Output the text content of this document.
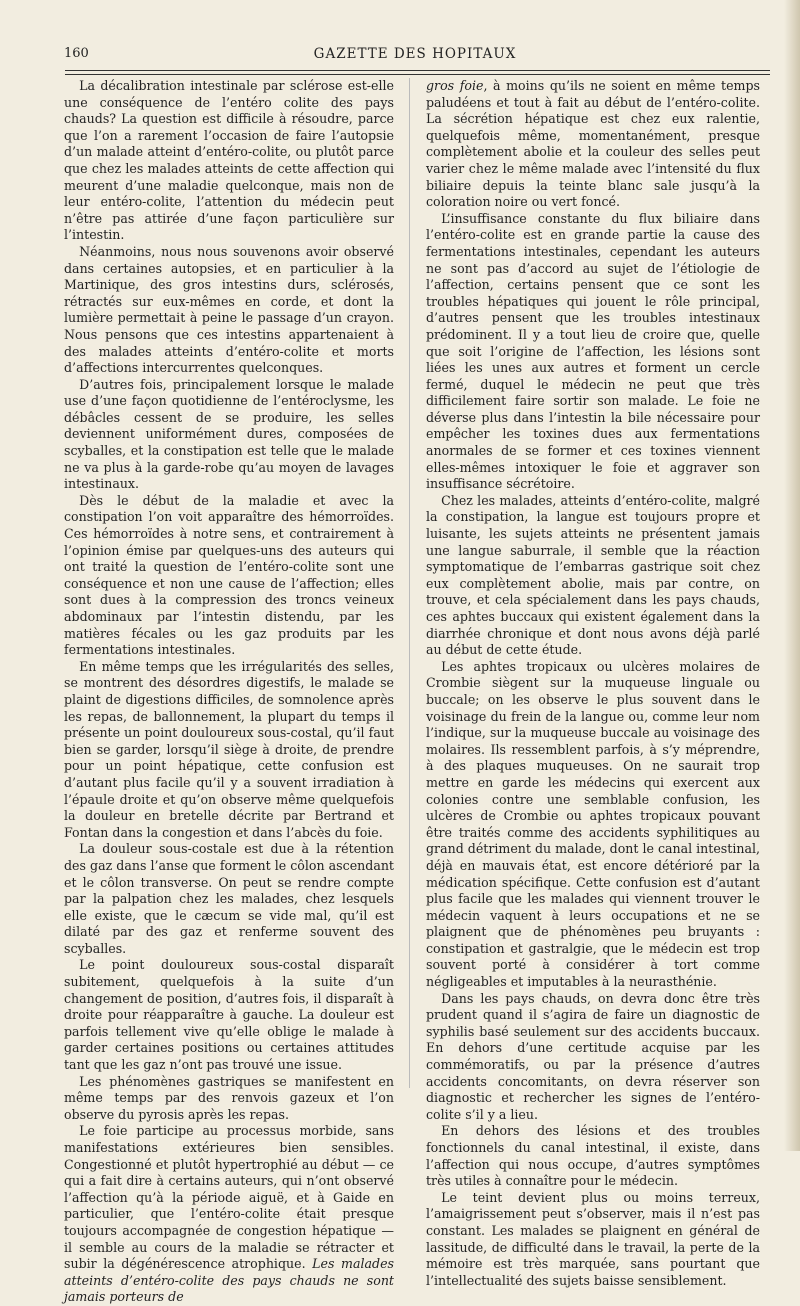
160	GAZETTE DES HOPITAUX

La décalibration intestinale par sclérose est-elle une conséquence de l’entéro colite des pays chauds? La question est difficile à résoudre, parce que l’on a rarement l’occasion de faire l’autopsie d’un malade atteint d’entéro-colite, ou plutôt parce que chez les malades atteints de cette affection qui meurent d’une maladie quelconque, mais non de leur entéro-colite, l’attention du médecin peut n’être pas attirée d’une façon particulière sur l’intestin.

Néanmoins, nous nous souvenons avoir observé dans certaines autopsies, et en particulier à la Martinique, des gros intestins durs, sclérosés, rétractés sur eux-mêmes en corde, et dont la lumière permettait à peine le passage d’un crayon. Nous pensons que ces intestins appartenaient à des malades atteints d’entéro-colite et morts d’affections intercurrentes quelconques.

D’autres fois, principalement lorsque le malade use d’une façon quotidienne de l’entéroclysme, les débâcles cessent de se produire, les selles deviennent uniformément dures, composées de scyballes, et la constipation est telle que le malade ne va plus à la garde-robe qu’au moyen de lavages intestinaux.

Dès le début de la maladie et avec la constipation l’on voit apparaître des hémorroïdes. Ces hémorroïdes à notre sens, et contrairement à l’opinion émise par quelques-uns des auteurs qui ont traité la question de l’entéro-colite sont une conséquence et non une cause de l’affection; elles sont dues à la compression des troncs veineux abdominaux par l’intestin distendu, par les matières fécales ou les gaz produits par les fermentations intestinales.

En même temps que les irrégularités des selles, se montrent des désordres digestifs, le malade se plaint de digestions difficiles, de somnolence après les repas, de ballonnement, la plupart du temps il présente un point douloureux sous-costal, qu’il faut bien se garder, lorsqu’il siège à droite, de prendre pour un point hépatique, cette confusion est d’autant plus facile qu’il y a souvent irradiation à l’épaule droite et qu’on observe même quelquefois la douleur en bretelle décrite par Bertrand et Fontan dans la congestion et dans l’abcès du foie.

La douleur sous-costale est due à la rétention des gaz dans l’anse que forment le côlon ascendant et le côlon transverse. On peut se rendre compte par la palpation chez les malades, chez lesquels elle existe, que le cæcum se vide mal, qu’il est dilaté par des gaz et renferme souvent des scyballes.

Le point douloureux sous-costal disparaît subitement, quelquefois à la suite d’un changement de position, d’autres fois, il disparaît à droite pour réapparaître à gauche. La douleur est parfois tellement vive qu’elle oblige le malade à garder certaines positions ou certaines attitudes tant que les gaz n’ont pas trouvé une issue.

Les phénomènes gastriques se manifestent en même temps par des renvois gazeux et l’on observe du pyrosis après les repas.

Le foie participe au processus morbide, sans manifestations extérieures bien sensibles. Congestionné et plutôt hypertrophié au début — ce qui a fait dire à certains auteurs, qui n’ont observé l’affection qu’à la période aiguë, et à Gaide en particulier, que l’entéro-colite était presque toujours accompagnée de congestion hépatique — il semble au cours de la maladie se rétracter et subir la dégénérescence atrophique. Les malades atteints d’entéro-colite des pays chauds ne sont jamais porteurs de

gros foie, à moins qu’ils ne soient en même temps paludéens et tout à fait au début de l’entéro-colite. La sécrétion hépatique est chez eux ralentie, quelquefois même, momentanément, presque complètement abolie et la couleur des selles peut varier chez le même malade avec l’intensité du flux biliaire depuis la teinte blanc sale jusqu’à la coloration noire ou vert foncé.

L’insuffisance constante du flux biliaire dans l’entéro-colite est en grande partie la cause des fermentations intestinales, cependant les auteurs ne sont pas d’accord au sujet de l’étiologie de l’affection, certains pensent que ce sont les troubles hépatiques qui jouent le rôle principal, d’autres pensent que les troubles intestinaux prédominent. Il y a tout lieu de croire que, quelle que soit l’origine de l’affection, les lésions sont liées les unes aux autres et forment un cercle fermé, duquel le médecin ne peut que très difficilement faire sortir son malade. Le foie ne déverse plus dans l’intestin la bile nécessaire pour empêcher les toxines dues aux fermentations anormales de se former et ces toxines viennent elles-mêmes intoxiquer le foie et aggraver son insuffisance sécrétoire.

Chez les malades, atteints d’entéro-colite, malgré la constipation, la langue est toujours propre et luisante, les sujets atteints ne présentent jamais une langue saburrale, il semble que la réaction symptomatique de l’embarras gastrique soit chez eux complètement abolie, mais par contre, on trouve, et cela spécialement dans les pays chauds, ces aphtes buccaux qui existent également dans la diarrhée chronique et dont nous avons déjà parlé au début de cette étude.

Les aphtes tropicaux ou ulcères molaires de Crombie siègent sur la muqueuse linguale ou buccale; on les observe le plus souvent dans le voisinage du frein de la langue ou, comme leur nom l’indique, sur la muqueuse buccale au voisinage des molaires. Ils ressemblent parfois, à s’y méprendre, à des plaques muqueuses. On ne saurait trop mettre en garde les médecins qui exercent aux colonies contre une semblable confusion, les ulcères de Crombie ou aphtes tropicaux pouvant être traités comme des accidents syphilitiques au grand détriment du malade, dont le canal intestinal, déjà en mauvais état, est encore détérioré par la médication spécifique. Cette confusion est d’autant plus facile que les malades qui viennent trouver le médecin vaquent à leurs occupations et ne se plaignent que de phénomènes peu bruyants : constipation et gastralgie, que le médecin est trop souvent porté à considérer à tort comme négligeables et imputables à la neurasthénie.

Dans les pays chauds, on devra donc être très prudent quand il s’agira de faire un diagnostic de syphilis basé seulement sur des accidents buccaux. En dehors d’une certitude acquise par les commémoratifs, ou par la présence d’autres accidents concomitants, on devra réserver son diagnostic et rechercher les signes de l’entéro-colite s’il y a lieu.

En dehors des lésions et des troubles fonctionnels du canal intestinal, il existe, dans l’affection qui nous occupe, d’autres symptômes très utiles à connaître pour le médecin.

Le teint devient plus ou moins terreux, l’amaigrissement peut s’observer, mais il n’est pas constant. Les malades se plaignent en général de lassitude, de difficulté dans le travail, la perte de la mémoire est très marquée, sans pourtant que l’intellectualité des sujets baisse sensiblement.
